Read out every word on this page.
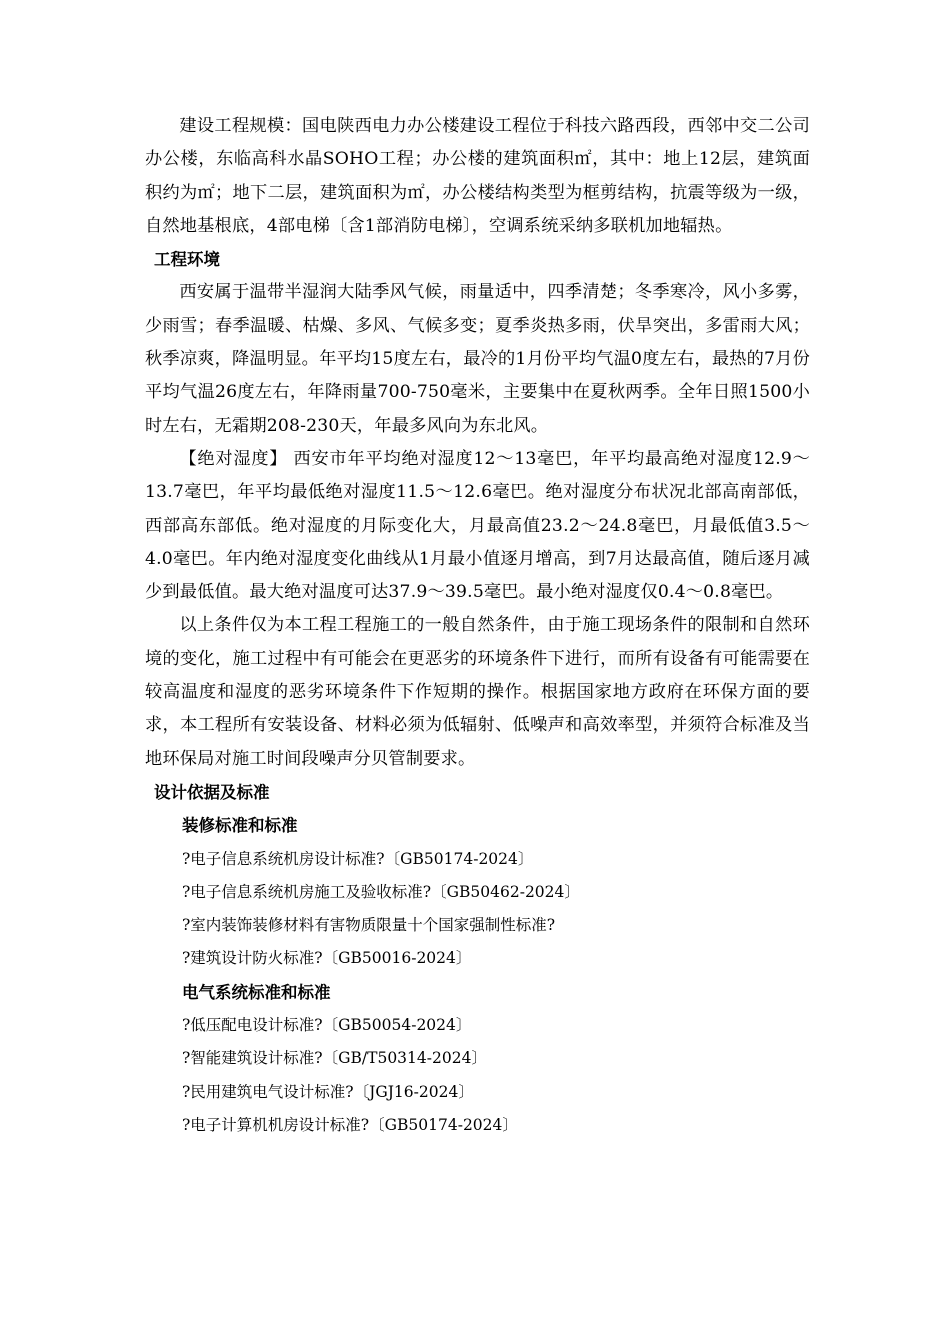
建设工程规模：国电陕西电力办公楼建设工程位于科技六路西段，西邻中交二公司办公楼，东临高科水晶SOHO工程；办公楼的建筑面积㎡，其中：地上12层，建筑面积约为㎡；地下二层，建筑面积为㎡，办公楼结构类型为框剪结构，抗震等级为一级，自然地基根底，4部电梯〔含1部消防电梯〕，空调系统采纳多联机加地辐热。

工程环境

西安属于温带半湿润大陆季风气候，雨量适中，四季清楚；冬季寒冷，风小多雾，少雨雪；春季温暖、枯燥、多风、气候多变；夏季炎热多雨，伏旱突出，多雷雨大风；秋季凉爽，降温明显。年平均15度左右，最冷的1月份平均气温0度左右，最热的7月份平均气温26度左右，年降雨量700-750毫米，主要集中在夏秋两季。全年日照1500小时左右，无霜期208-230天，年最多风向为东北风。

【绝对湿度】 西安市年平均绝对湿度12～13毫巴，年平均最高绝对湿度12.9～13.7毫巴，年平均最低绝对湿度11.5～12.6毫巴。绝对湿度分布状况北部高南部低，西部高东部低。绝对湿度的月际变化大，月最高值23.2～24.8毫巴，月最低值3.5～4.0毫巴。年内绝对湿度变化曲线从1月最小值逐月增高，到7月达最高值，随后逐月减少到最低值。最大绝对温度可达37.9～39.5毫巴。最小绝对湿度仅0.4～0.8毫巴。

以上条件仅为本工程工程施工的一般自然条件，由于施工现场条件的限制和自然环境的变化，施工过程中有可能会在更恶劣的环境条件下进行，而所有设备有可能需要在较高温度和湿度的恶劣环境条件下作短期的操作。根据国家地方政府在环保方面的要求，本工程所有安装设备、材料必须为低辐射、低噪声和高效率型，并须符合标准及当地环保局对施工时间段噪声分贝管制要求。

设计依据及标准

装修标准和标准

?电子信息系统机房设计标准?〔GB50174-2024〕

?电子信息系统机房施工及验收标准?〔GB50462-2024〕

?室内装饰装修材料有害物质限量十个国家强制性标准?

?建筑设计防火标准?〔GB50016-2024〕

电气系统标准和标准

?低压配电设计标准?〔GB50054-2024〕

?智能建筑设计标准?〔GB/T50314-2024〕

?民用建筑电气设计标准?〔JGJ16-2024〕

?电子计算机机房设计标准?〔GB50174-2024〕
